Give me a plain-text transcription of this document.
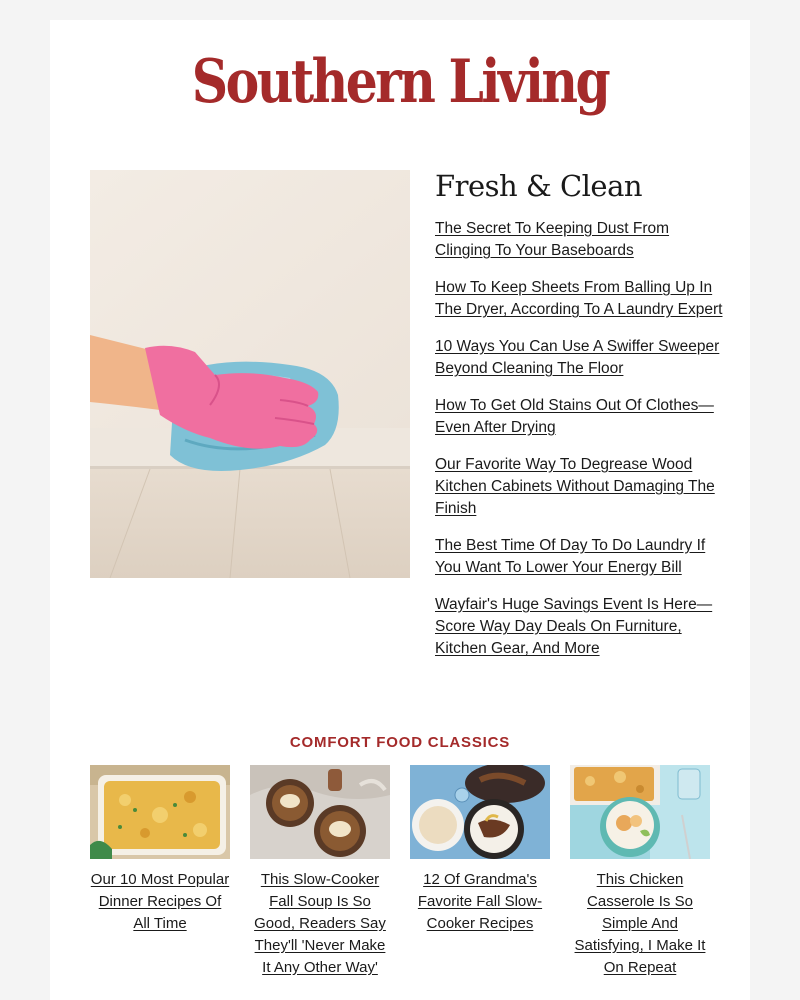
Southern Living
Fresh & Clean
The Secret To Keeping Dust From Clinging To Your Baseboards
How To Keep Sheets From Balling Up In The Dryer, According To A Laundry Expert
10 Ways You Can Use A Swiffer Sweeper Beyond Cleaning The Floor
How To Get Old Stains Out Of Clothes—Even After Drying
Our Favorite Way To Degrease Wood Kitchen Cabinets Without Damaging The Finish
The Best Time Of Day To Do Laundry If You Want To Lower Your Energy Bill
Wayfair's Huge Savings Event Is Here—Score Way Day Deals On Furniture, Kitchen Gear, And More
COMFORT FOOD CLASSICS
Our 10 Most Popular Dinner Recipes Of All Time
This Slow-Cooker Fall Soup Is So Good, Readers Say They'll 'Never Make It Any Other Way'
12 Of Grandma's Favorite Fall Slow-Cooker Recipes
This Chicken Casserole Is So Simple And Satisfying, I Make It On Repeat
